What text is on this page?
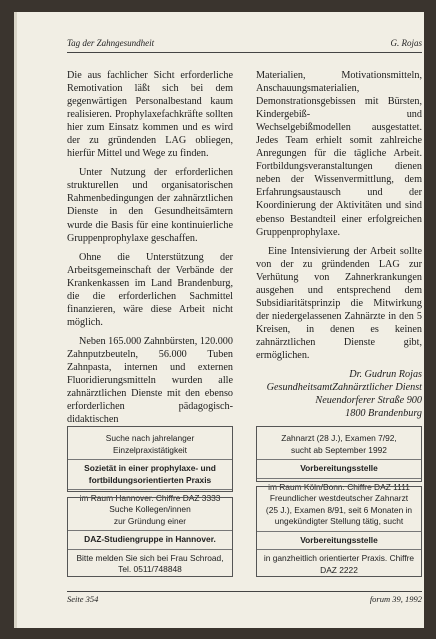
Tag der Zahngesundheit	G. Rojas

Die aus fachlicher Sicht erforderliche Remotivation läßt sich bei dem gegenwärtigen Personalbestand kaum realisieren. Prophylaxefachkräfte sollten hier zum Einsatz kommen und es wird der zu gründenden LAG obliegen, hierfür Mittel und Wege zu finden.

Unter Nutzung der erforderlichen strukturellen und organisatorischen Rahmenbedingungen der zahnärztlichen Dienste in den Gesundheitsämtern wurde die Basis für eine kontinuierliche Gruppenprophylaxe geschaffen.

Ohne die Unterstützung der Arbeitsgemeinschaft der Verbände der Krankenkassen im Land Brandenburg, die die erforderlichen Sachmittel finanzieren, wäre diese Arbeit nicht möglich.

Neben 165.000 Zahnbürsten, 120.000 Zahnputzbeuteln, 56.000 Tuben Zahnpasta, internen und externen Fluoridierungsmitteln wurden alle zahnärztlichen Dienste mit den ebenso erforderlichen pädagogisch-didaktischen

Materialien, Motivationsmitteln, Anschauungsmaterialien, Demonstrationsgebissen mit Bürsten, Kindergebiß- und Wechselgebißmodellen ausgestattet. Jedes Team erhielt somit zahlreiche Anregungen für die tägliche Arbeit. Fortbildungsveranstaltungen dienen neben der Wissenvermittlung, dem Erfahrungsaustausch und der Koordinierung der Aktivitäten und sind ebenso Bestandteil einer erfolgreichen Gruppenprophylaxe.

Eine Intensivierung der Arbeit sollte von der zu gründenden LAG zur Verhütung von Zahnerkrankungen ausgehen und entsprechend dem Subsidiaritätsprinzip die Mitwirkung der niedergelassenen Zahnärzte in den 5 Kreisen, in denen es keinen zahnärztlichen Dienste gibt, ermöglichen.

Dr. Gudrun Rojas
GesundheitsamtZahnärztlicher Dienst
Neuendorferer Straße 900
1800 Brandenburg
Suche nach jahrelanger
Einzelpraxistätigkeit
Sozietät in einer prophylaxe- und fortbildungsorientierten Praxis
im Raum Hannover. Chiffre DAZ 3333
Zahnarzt (28 J.), Examen 7/92,
sucht ab September 1992
Vorbereitungsstelle
im Raum Köln/Bonn. Chiffre DAZ 1111
Suche Kollegen/innen
zur Gründung einer
DAZ-Studiengruppe in Hannover.
Bitte melden Sie sich bei Frau Schroad, Tel. 0511/748848
Freundlicher westdeutscher Zahnarzt (25 J.), Examen 8/91, seit 6 Monaten in ungekündigter Stellung tätig, sucht
Vorbereitungsstelle
in ganzheitlich orientierter Praxis. Chiffre DAZ 2222
Seite 354	forum 39, 1992
